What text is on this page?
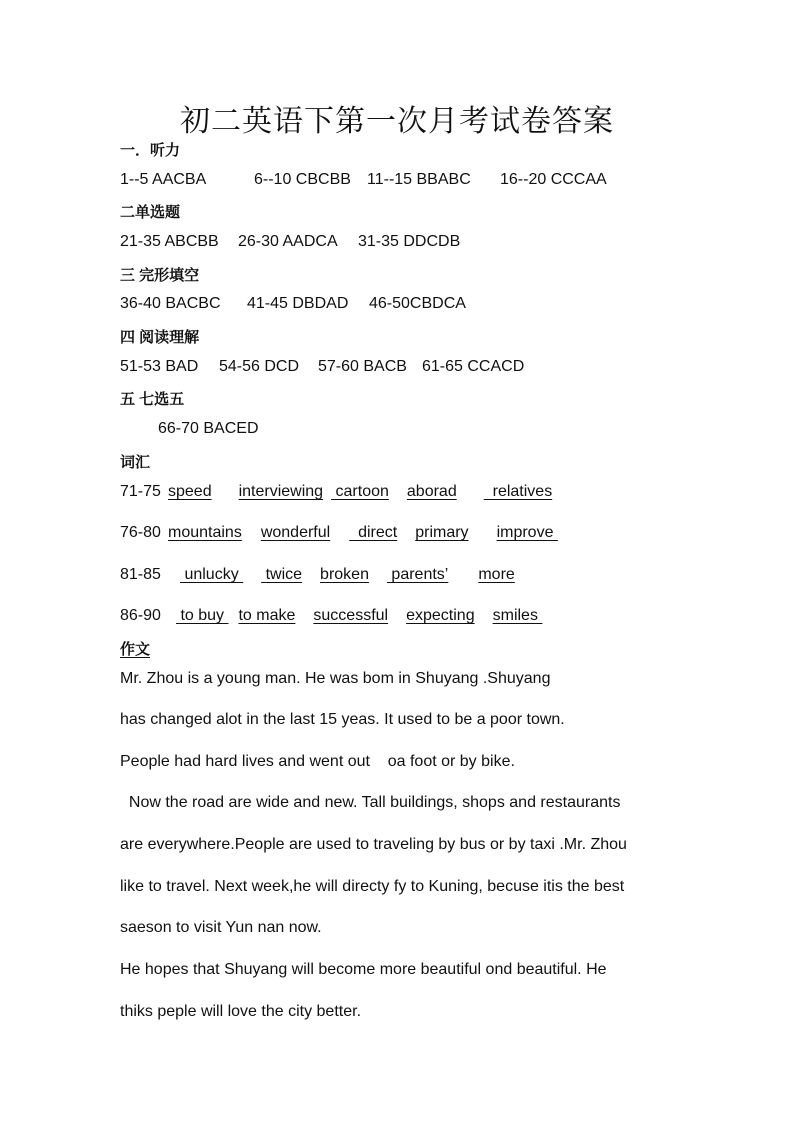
初二英语下第一次月考试卷答案
一．听力
1--5 AACBA	6--10 CBCBB 11--15 BBABC 16--20 CCCAA
二单选题
21-35 ABCBB 26-30 AADCA 31-35 DDCDB
三 完形填空
36-40 BACBC 41-45 DBDAD 46-50CBDCA
四 阅读理解
51-53 BAD 54-56 DCD 57-60 BACB 61-65 CCACD
五 七选五
66-70 BACED
词汇
71-75speed interviewing cartoon aborad  relatives
76-80mountains wonderful  direct primary improve
81-85 unlucky  twice broken parents’ more
86-90 to buy to make successful expecting smiles
作文
Mr. Zhou is a young man. He was bom in Shuyang .Shuyang
has changed alot in the last 15 yeas. It used to be a poor town.
People had hard lives and went out    oa foot or by bike.
Now the road are wide and new. Tall buildings, shops and restaurants
are everywhere.People are used to traveling by bus or by taxi .Mr. Zhou
like to travel. Next week,he will directy fy to Kuning, becuse itis the best
saeson to visit Yun nan now.
He hopes that Shuyang will become more beautiful ond beautiful. He
thiks peple will love the city better.
